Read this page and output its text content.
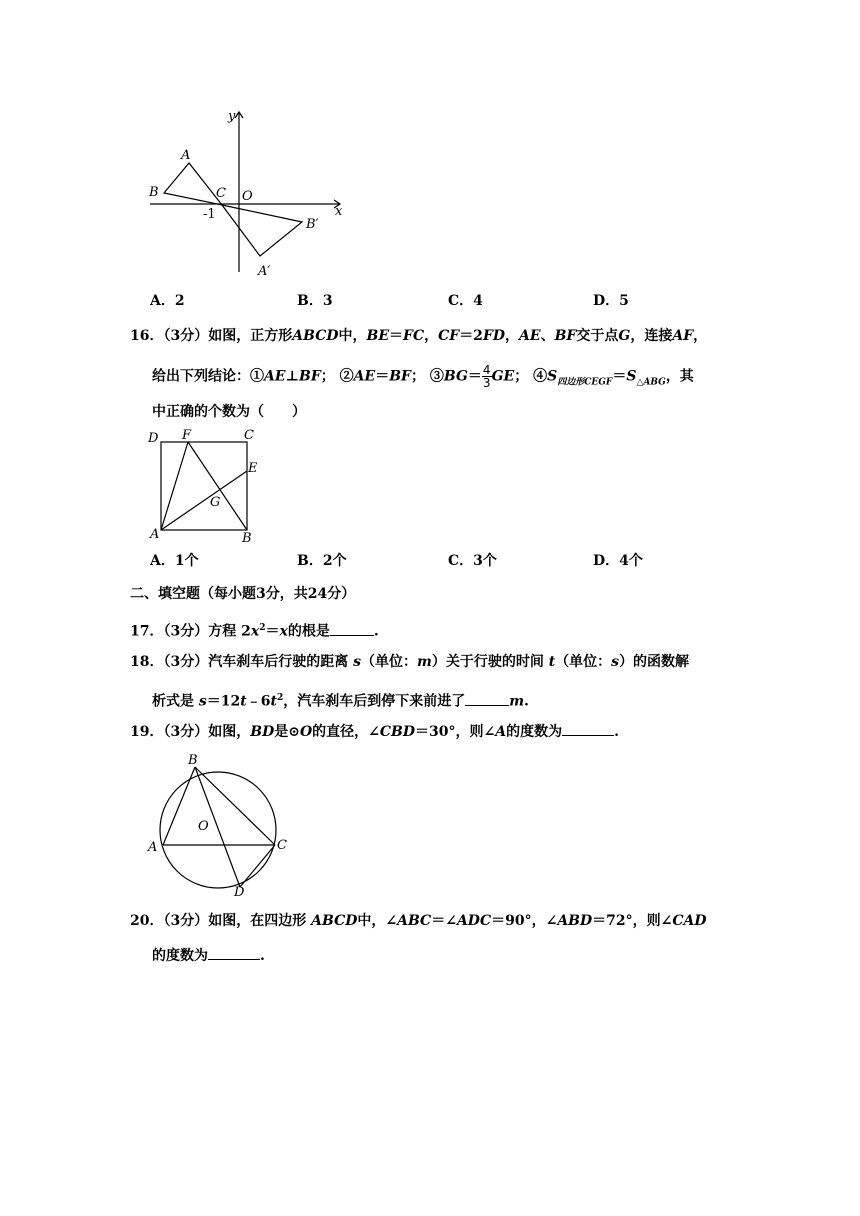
y
x
A
B	C O
-1
B′
A′
A．2	B．3	C．4	D．5
16．（3分）如图，正方形ABCD中，BE＝FC，CF＝2FD，AE、BF交于点G，连接AF，
给出下列结论：①AE⊥BF； ②AE＝BF； ③BG＝ $\frac{4}{3}$ GE； $④S_{四边形CEGF}=S_{\triangle ABG}$，其
中正确的个数为（　　）
D F	C
E
G
A	B
A．1个	B．2个	C．3个	D．4个
二、填空题（每小题3分，共24分）
17．（3分）方程 $2x^2=x$的根是	.
18．（3分）汽车刹车后行驶的距离 s（单位：m）关于行驶的时间 t（单位：s）的函数解
析式是 $s=12t﹣6t^2$，汽车刹车后到停下来前进了	m.
19．（3分）如图，BD是⊙O的直径，∠CBD＝30°，则∠A的度数为	.
B
O
A	C
D
20．（3分）如图，在四边形 ABCD中，∠ABC＝∠ADC＝90°，∠ABD＝72°，则∠CAD
的度数为	.
